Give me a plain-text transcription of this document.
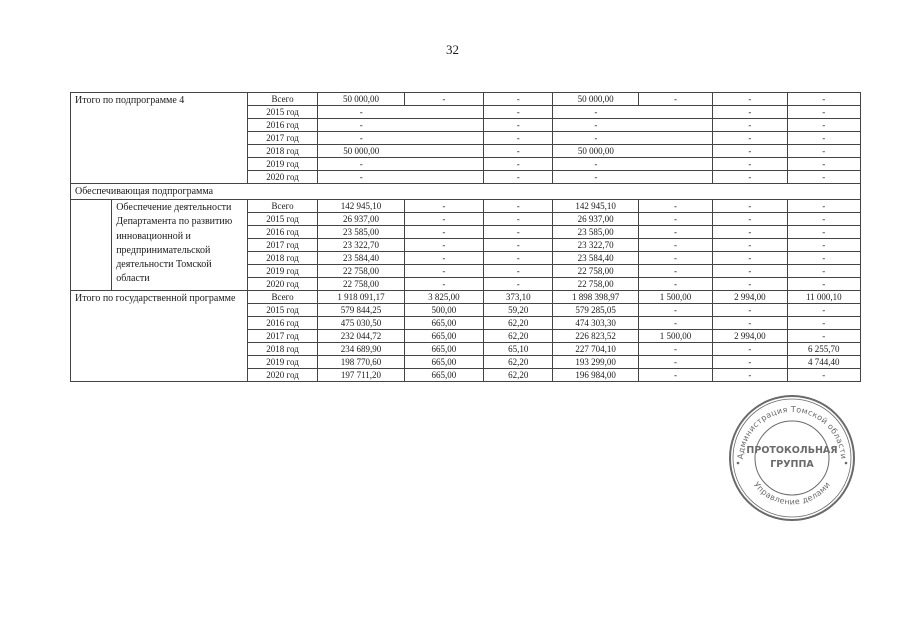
32
Итого по подпрограмме 4		Всего	50 000,00	-	-	50 000,00	-	-	-
		2015 год	-		-	-		-	-
		2016 год	-		-	-		-	-
		2017 год	-		-	-		-	-
		2018 год	50 000,00		-	50 000,00		-	-
		2019 год	-		-	-		-	-
		2020 год	-		-	-		-	-
Обеспечивающая подпрограмма									
	Обеспечение деятельности Департамента по развитию инновационной и предпринимательской деятельности Томской области	Всего	142 945,10	-	-	142 945,10	-	-	-
		2015 год	26 937,00	-	-	26 937,00	-	-	-
		2016 год	23 585,00	-	-	23 585,00	-	-	-
		2017 год	23 322,70	-	-	23 322,70	-	-	-
		2018 год	23 584,40	-	-	23 584,40	-	-	-
		2019 год	22 758,00	-	-	22 758,00	-	-	-
		2020 год	22 758,00	-	-	22 758,00	-	-	-
Итого по государственной программе		Всего	1 918 091,17	3 825,00	373,10	1 898 398,97	1 500,00	2 994,00	11 000,10
		2015 год	579 844,25	500,00	59,20	579 285,05	-	-	-
		2016 год	475 030,50	665,00	62,20	474 303,30	-	-	-
		2017 год	232 044,72	665,00	62,20	226 823,52	1 500,00	2 994,00	-
		2018 год	234 689,90	665,00	65,10	227 704,10	-	-	6 255,70
		2019 год	198 770,60	665,00	62,20	193 299,00	-	-	4 744,40
		2020 год	197 711,20	665,00	62,20	196 984,00	-	-	-
Администрация Томской области
Управление делами
ПРОТОКОЛЬНАЯ
ГРУППА
